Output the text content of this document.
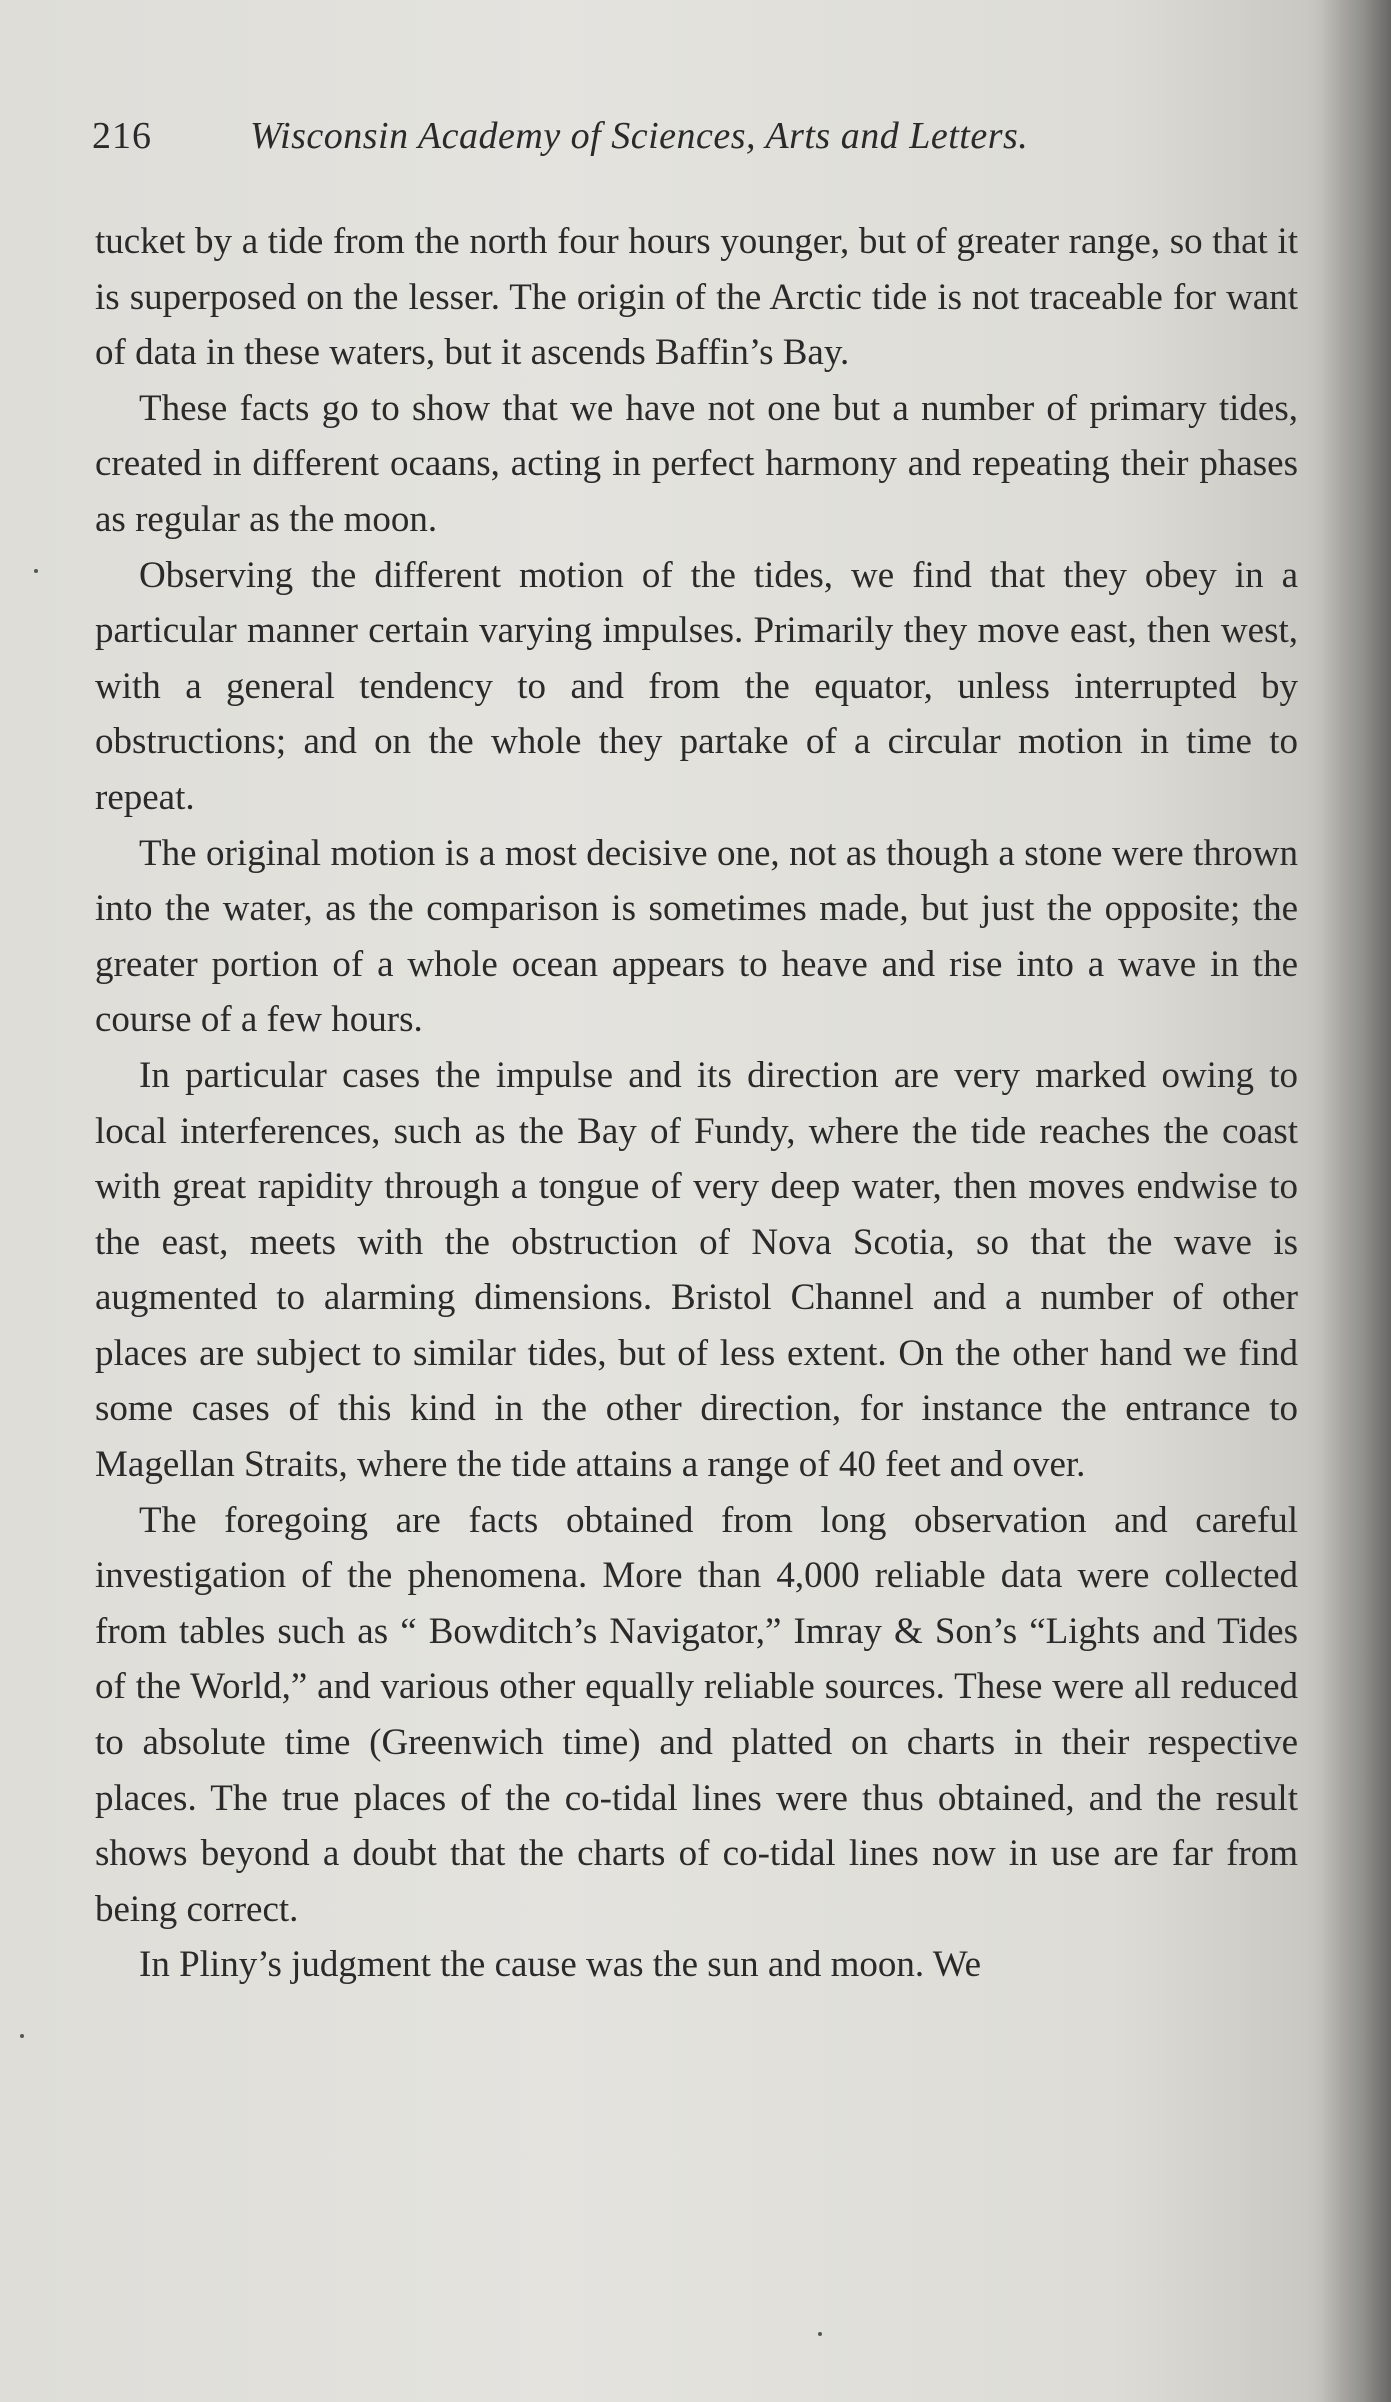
216	Wisconsin Academy of Sciences, Arts and Letters.

tucket by a tide from the north four hours younger, but of greater range, so that it is superposed on the lesser. The origin of the Arctic tide is not traceable for want of data in these waters, but it ascends Baffin’s Bay.

These facts go to show that we have not one but a number of primary tides, created in different ocaans, acting in perfect harmony and repeating their phases as regular as the moon.

Observing the different motion of the tides, we find that they obey in a particular manner certain varying impulses. Primarily they move east, then west, with a general tendency to and from the equator, unless interrupted by obstructions; and on the whole they partake of a circular motion in time to repeat.

The original motion is a most decisive one, not as though a stone were thrown into the water, as the comparison is sometimes made, but just the opposite; the greater portion of a whole ocean appears to heave and rise into a wave in the course of a few hours.

In particular cases the impulse and its direction are very marked owing to local interferences, such as the Bay of Fundy, where the tide reaches the coast with great rapidity through a tongue of very deep water, then moves endwise to the east, meets with the obstruction of Nova Scotia, so that the wave is augmented to alarming dimensions. Bristol Channel and a number of other places are subject to similar tides, but of less extent. On the other hand we find some cases of this kind in the other direction, for instance the entrance to Magellan Straits, where the tide attains a range of 40 feet and over.

The foregoing are facts obtained from long observation and careful investigation of the phenomena. More than 4,000 reliable data were collected from tables such as “ Bowditch’s Navigator,” Imray & Son’s “Lights and Tides of the World,” and various other equally reliable sources. These were all reduced to absolute time (Greenwich time) and platted on charts in their respective places. The true places of the co-tidal lines were thus obtained, and the result shows beyond a doubt that the charts of co-tidal lines now in use are far from being correct.

In Pliny’s judgment the cause was the sun and moon. We
